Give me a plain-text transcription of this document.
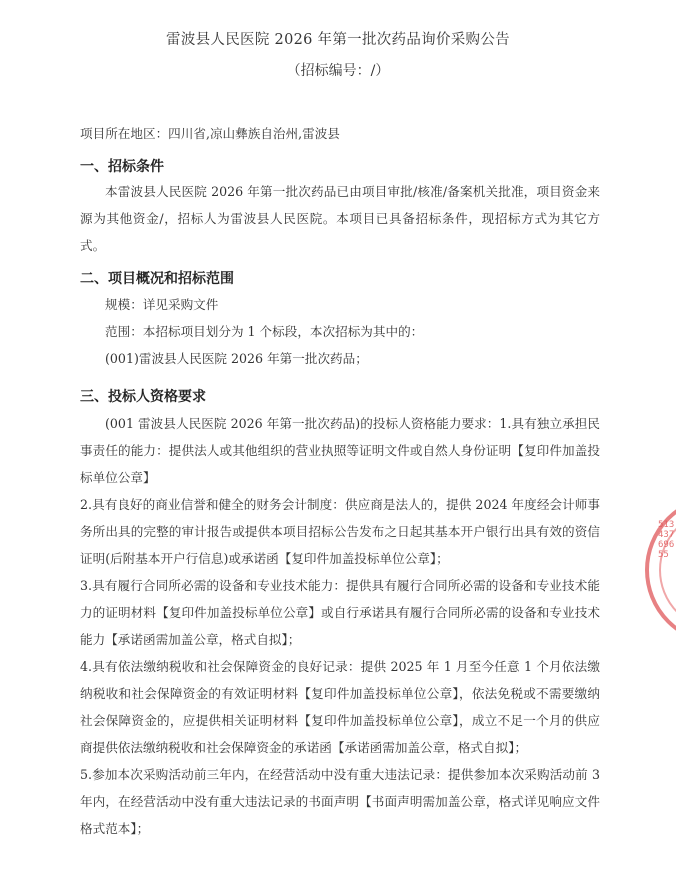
雷波县人民医院 2026 年第一批次药品询价采购公告
（招标编号：/）

项目所在地区：四川省,凉山彝族自治州,雷波县

一、招标条件

本雷波县人民医院 2026 年第一批次药品已由项目审批/核准/备案机关批准，项目资金来源为其他资金/，招标人为雷波县人民医院。本项目已具备招标条件，现招标方式为其它方式。

二、项目概况和招标范围

规模：详见采购文件

范围：本招标项目划分为 1 个标段，本次招标为其中的：

(001)雷波县人民医院 2026 年第一批次药品；

三、投标人资格要求

(001 雷波县人民医院 2026 年第一批次药品)的投标人资格能力要求：1.具有独立承担民事责任的能力：提供法人或其他组织的营业执照等证明文件或自然人身份证明【复印件加盖投标单位公章】

2.具有良好的商业信誉和健全的财务会计制度：供应商是法人的，提供 2024 年度经会计师事务所出具的完整的审计报告或提供本项目招标公告发布之日起其基本开户银行出具有效的资信证明(后附基本开户行信息)或承诺函【复印件加盖投标单位公章】；

3.具有履行合同所必需的设备和专业技术能力：提供具有履行合同所必需的设备和专业技术能力的证明材料【复印件加盖投标单位公章】或自行承诺具有履行合同所必需的设备和专业技术能力【承诺函需加盖公章，格式自拟】；

4.具有依法缴纳税收和社会保障资金的良好记录：提供 2025 年 1 月至今任意 1 个月依法缴纳税收和社会保障资金的有效证明材料【复印件加盖投标单位公章】，依法免税或不需要缴纳社会保障资金的，应提供相关证明材料【复印件加盖投标单位公章】，成立不足一个月的供应商提供依法缴纳税收和社会保障资金的承诺函【承诺函需加盖公章，格式自拟】；

5.参加本次采购活动前三年内，在经营活动中没有重大违法记录：提供参加本次采购活动前 3 年内，在经营活动中没有重大违法记录的书面声明【书面声明需加盖公章，格式详见响应文件格式范本】；

51343769655
